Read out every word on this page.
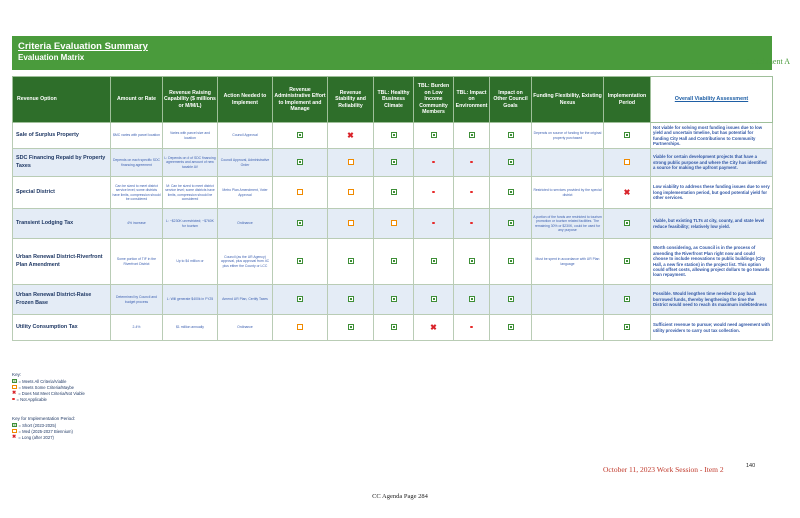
Criteria Evaluation Summary
Evaluation Matrix	Attachment A
Revenue Option	Amount or Rate	Revenue Raising Capability ($ millions or M/M/L)	Action Needed to Implement	Revenue Administrative Effort to Implement and Manage	Revenue Stability and Reliability	TBL: Healthy Business Climate	TBL: Burden on Low Income Community Members	TBL: Impact on Environment	Impact on Other Council Goals	Funding Flexibility, Existing Nexus	Implementation Period	Overall Viability Assessment
Sale of Surplus Property	$MC varies with parcel location	Varies with parcel size and location	Council Approval		✖					Depends on source of funding for the original property purchased		Not viable for solving most funding issues due to low yield and uncertain timeline, but has potential for funding City Hall and Contributions to Community Partnerships.
SDC Financing Repaid by Property Taxes	Depends on each specific SDC financing agreement	L: Depends on # of SDC financing agreements and amount of new taxable AV	Council Approval, Administrative Order									Viable for certain development projects that have a strong public purpose and where the City has identified a source for making the upfront payment.
Special District	Can be sized to meet district service level; some districts have limits, compression should be considered	M: Can be sized to meet district service level; some districts have limits, compression should be considered	Metro Plan Amendment, Voter Approval							Restricted to services provided by the special district	✖	Low viability to address these funding issues due to very long implementation period, but good potential yield for other services.
Transient Lodging Tax	4% increase	L: ~$230K unrestricted; ~$760K for tourism	Ordinance							A portion of the funds are restricted to tourism promotion or tourism related facilities. The remaining 30% or $230K, could be used for any purpose		Viable, but existing TLTs at city, county, and state level reduce feasibility; relatively low yield.
Urban Renewal District-Riverfront Plan Amendment	Some portion of TIF in the Riverfront District	Up to $4 million or	Council (as the UR Agency) approval, plus approval from 4C plus either the County or LCC							Must be spent in accordance with UR Plan language		Worth considering, as Council is in the process of amending the Riverfront Plan right now and could choose to include renovations to public buildings (City Hall, a new fire station) in the project list. This option could offset costs, allowing project dollars to go towards loan repayment.
Urban Renewal District-Raise Frozen Base	Determined by Council and budget process	L: Will generate $400k in FY25	Amend UR Plan, Certify Taxes									Possible. Would lengthen time needed to pay back borrowed funds, thereby lengthening the time the District would need to reach its maximum indebtedness
Utility Consumption Tax	2-4%	$1 million annually	Ordinance				✖					Sufficient revenue to pursue; would need agreement with utility providers to carry out tax collection.
Key:
= Meets All Criteria/Viable
= Meets Some Criteria/Maybe
✖ = Does Not Meet Criteria/Not Viable
= Not Applicable
Key for Implementation Period:
= Short (2023-2025)
= Med (2025-2027 Biennium)
✖ = Long (after 2027)
October 11, 2023 Work Session - Item 2	140
CC Agenda Page 284
